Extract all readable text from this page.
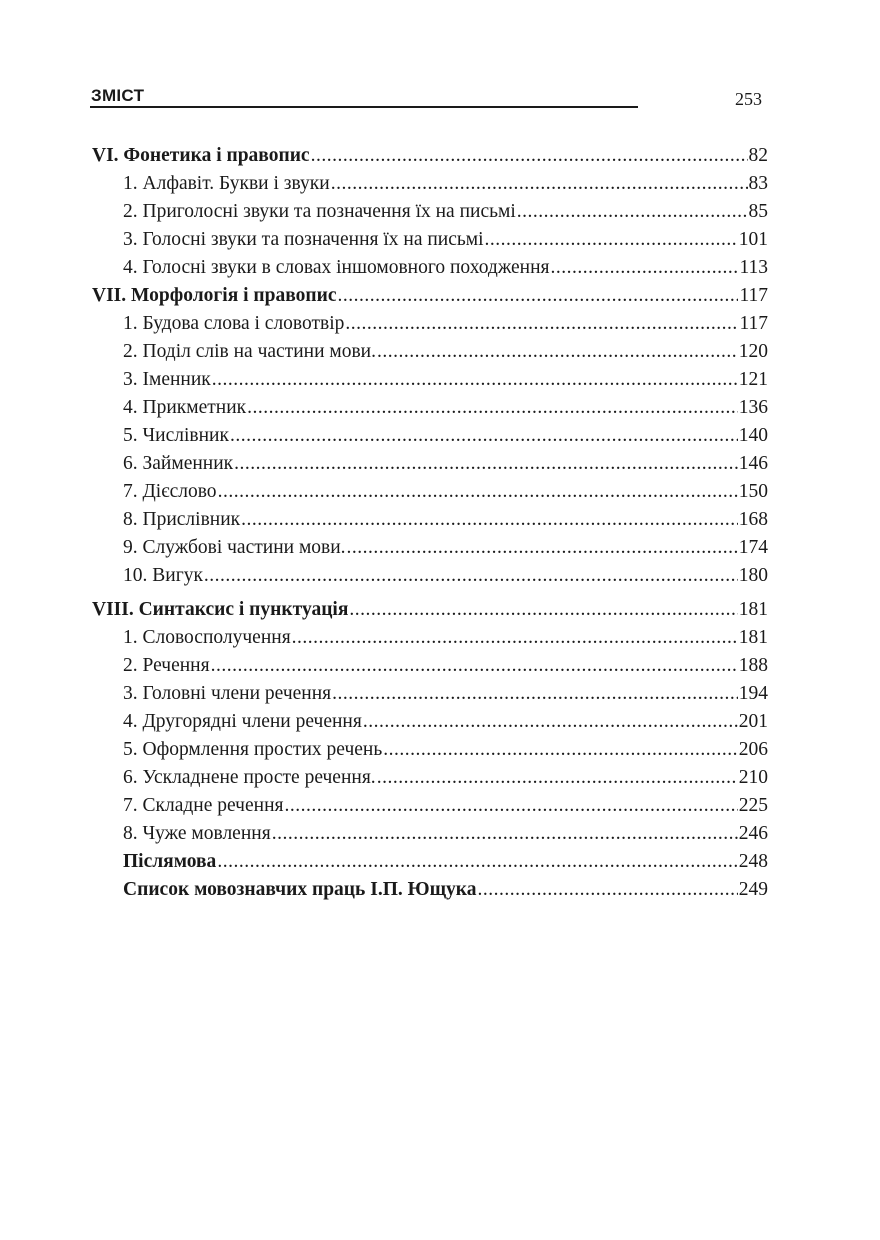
ЗМІСТ	253
VI. Фонетика і правопис .....	82
1. Алфавіт. Букви і звуки .....	83
2. Приголосні звуки та позначення їх на письмі .....	85
3. Голосні звуки та позначення їх на письмі .....	101
4. Голосні звуки в словах іншомовного походження .....	113
VII. Морфологія і правопис .....	117
1. Будова слова і словотвір .....	117
2. Поділ слів на частини мови. .....	120
3. Іменник .....	121
4. Прикметник .....	136
5. Числівник .....	140
6. Займенник .....	146
7. Дієслово .....	150
8. Прислівник .....	168
9. Службові частини мови. .....	174
10. Вигук .....	180
VIII. Синтаксис і пунктуація .....	181
1. Словосполучення .....	181
2. Речення .....	188
3. Головні члени речення .....	194
4. Другорядні члени речення .....	201
5. Оформлення простих речень .....	206
6. Ускладнене просте речення. .....	210
7. Складне речення .....	225
8. Чуже мовлення .....	246
Післямова .....	248
Список мовознавчих праць І.П. Ющука .....	249
